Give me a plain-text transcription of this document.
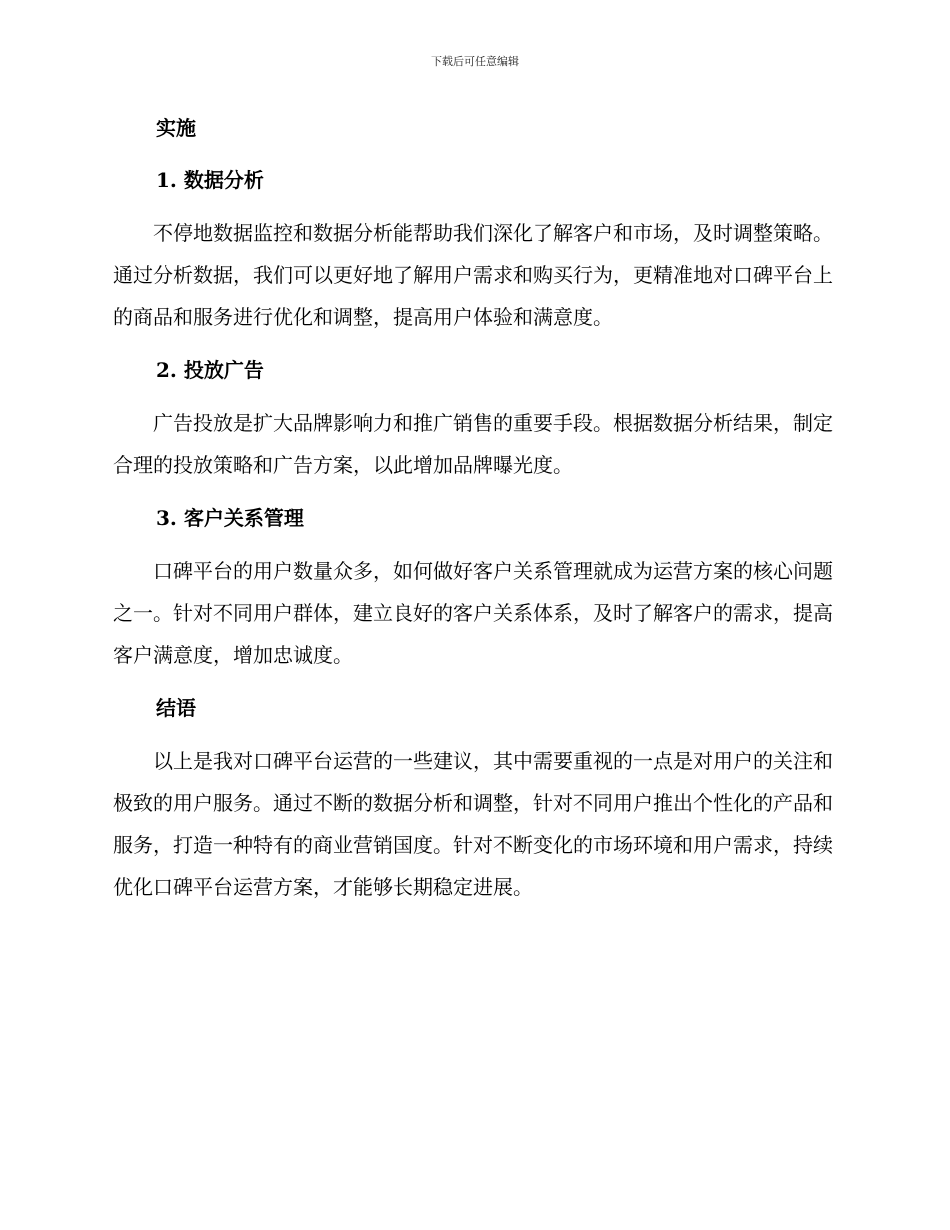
下载后可任意编辑
实施
1. 数据分析

不停地数据监控和数据分析能帮助我们深化了解客户和市场，及时调整策略。通过分析数据，我们可以更好地了解用户需求和购买行为，更精准地对口碑平台上的商品和服务进行优化和调整，提高用户体验和满意度。

2. 投放广告

广告投放是扩大品牌影响力和推广销售的重要手段。根据数据分析结果，制定合理的投放策略和广告方案，以此增加品牌曝光度。

3. 客户关系管理

口碑平台的用户数量众多，如何做好客户关系管理就成为运营方案的核心问题之一。针对不同用户群体，建立良好的客户关系体系，及时了解客户的需求，提高客户满意度，增加忠诚度。

结语

以上是我对口碑平台运营的一些建议，其中需要重视的一点是对用户的关注和极致的用户服务。通过不断的数据分析和调整，针对不同用户推出个性化的产品和服务，打造一种特有的商业营销国度。针对不断变化的市场环境和用户需求，持续优化口碑平台运营方案，才能够长期稳定进展。
